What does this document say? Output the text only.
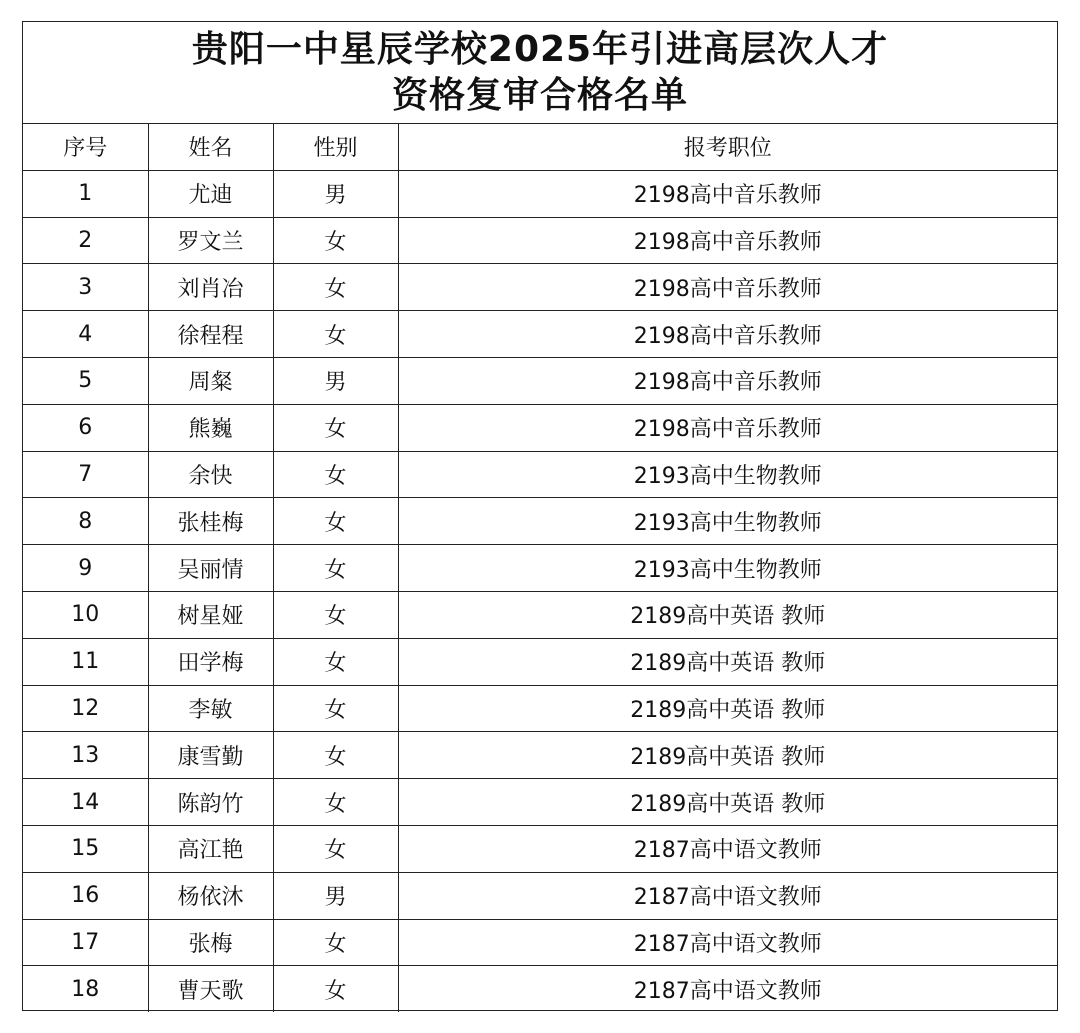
贵阳一中星辰学校2025年引进高层次人才
资格复审合格名单
序号	姓名	性别	报考职位
1	尤迪	男	2198高中音乐教师
2	罗文兰	女	2198高中音乐教师
3	刘肖冶	女	2198高中音乐教师
4	徐程程	女	2198高中音乐教师
5	周粲	男	2198高中音乐教师
6	熊巍	女	2198高中音乐教师
7	余快	女	2193高中生物教师
8	张桂梅	女	2193高中生物教师
9	吴丽情	女	2193高中生物教师
10	树星娅	女	2189高中英语 教师
11	田学梅	女	2189高中英语 教师
12	李敏	女	2189高中英语 教师
13	康雪勤	女	2189高中英语 教师
14	陈韵竹	女	2189高中英语 教师
15	高江艳	女	2187高中语文教师
16	杨依沐	男	2187高中语文教师
17	张梅	女	2187高中语文教师
18	曹天歌	女	2187高中语文教师
